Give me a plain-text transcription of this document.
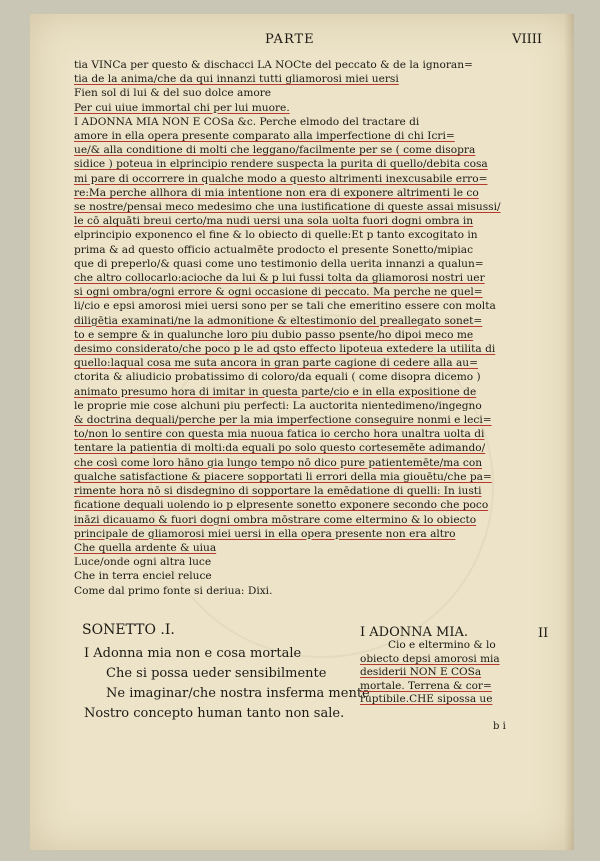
PARTE	VIIII
tia VINCa per questo & dischacci LA NOCte del peccato & de la ignoran=
tia de la anima/che da qui innanzi tutti gliamorosi miei uersi
Fien sol di lui & del suo dolce amore
Per cui uiue immortal chi per lui muore.
I ADONNA MIA NON E COSa &c. Perche elmodo del tractare di
amore in ella opera presente comparato alla imperfectione di chi Icri=
ue/& alla conditione di molti che leggano/facilmente per se ( come disopra
sidice ) poteua in elprincipio rendere suspecta la purita di quello/debita cosa
mi pare di occorrere in qualche modo a questo altrimenti inexcusabile erro=
re:Ma perche allhora di mia intentione non era di exponere altrimenti le co
se nostre/pensai meco medesimo che una iustificatione di queste assai misussi/
le cō alquāti breui certo/ma nudi uersi una sola uolta fuori dogni ombra in
elprincipio exponenco el fine & lo obiecto di quelle:Et p tanto excogitato in
prima & ad questo officio actualmēte prodocto el presente Sonetto/mipiac
que di preperlo/& quasi come uno testimonio della uerita innanzi a qualun=
che altro collocarlo:acioche da lui & p lui fussi tolta da gliamorosi nostri uer
si ogni ombra/ogni errore & ogni occasione di peccato. Ma perche ne quel=
li/cio e epsi amorosi miei uersi sono per se tali che emeritino essere con molta
diligētia examinati/ne la admonitione & eltestimonio del preallegato sonet=
to e sempre & in qualunche loro piu dubio passo psente/ho dipoi meco me
desimo considerato/che poco p le ad qsto effecto lipoteua extedere la utilita di
quello:laqual cosa me suta ancora in gran parte cagione di cedere alla au=
ctorita & aliudicio probatissimo di coloro/da equali ( come disopra dicemo )
animato presumo hora di imitar in questa parte/cio e in ella expositione de
le proprie mie cose alchuni piu perfecti: La auctorita nientedimeno/ingegno
& doctrina dequali/perche per la mia imperfectione conseguire nonmi e leci=
to/non lo sentire con questa mia nuoua fatica io cercho hora unaltra uolta di
tentare la patientia di molti:da equali po solo questo cortesemēte adimando/
che così come loro hāno gia lungo tempo nō dico pure patientemēte/ma con
qualche satisfactione & piacere sopportati li errori della mia giouētu/che pa=
rimente hora nō si disdegnino di sopportare la emēdatione di quelli: In iusti
ficatione dequali uolendo io p elpresente sonetto exponere secondo che poco
ināzi dicauamo & fuori dogni ombra mōstrare come eltermino & lo obiecto
principale de gliamorosi miei uersi in ella opera presente non era altro
Che quella ardente & uiua
Luce/onde ogni altra luce
Che in terra enciel reluce
Come dal primo fonte si deriua: Dixi.
SONETTO .I.
I Adonna mia non e cosa mortale
Che si possa ueder sensibilmente
Ne imaginar/che nostra insferma mente
Nostro concepto human tanto non sale.
I ADONNA MIA.
Cio e eltermino & lo
obiecto depsi amorosi mia
desiderii NON E COSa
mortale. Terrena & cor=
ruptibile.CHE sipossa ue
II
b i
